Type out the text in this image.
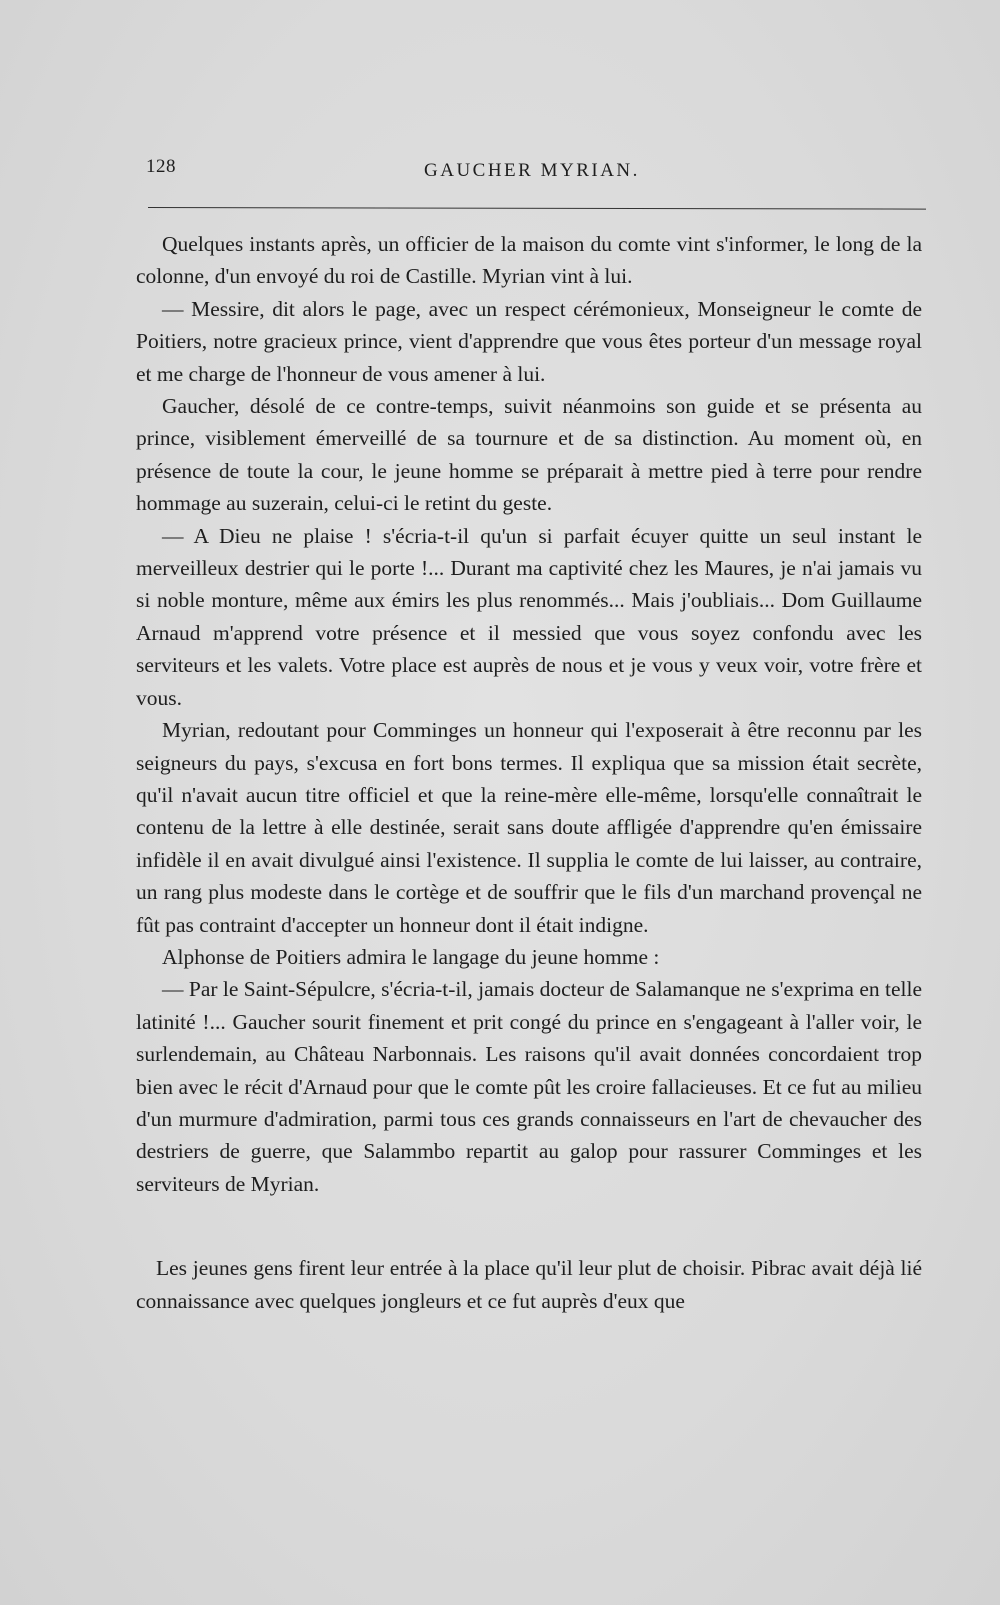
128	GAUCHER MYRIAN.

Quelques instants après, un officier de la maison du comte vint s'informer, le long de la colonne, d'un envoyé du roi de Castille. Myrian vint à lui.

— Messire, dit alors le page, avec un respect cérémonieux, Monseigneur le comte de Poitiers, notre gracieux prince, vient d'apprendre que vous êtes porteur d'un message royal et me charge de l'honneur de vous amener à lui.

Gaucher, désolé de ce contre-temps, suivit néanmoins son guide et se présenta au prince, visiblement émerveillé de sa tournure et de sa distinction. Au moment où, en présence de toute la cour, le jeune homme se préparait à mettre pied à terre pour rendre hommage au suzerain, celui-ci le retint du geste.

— A Dieu ne plaise ! s'écria-t-il qu'un si parfait écuyer quitte un seul instant le merveilleux destrier qui le porte !... Durant ma captivité chez les Maures, je n'ai jamais vu si noble monture, même aux émirs les plus renommés... Mais j'oubliais... Dom Guillaume Arnaud m'apprend votre présence et il messied que vous soyez confondu avec les serviteurs et les valets. Votre place est auprès de nous et je vous y veux voir, votre frère et vous.

Myrian, redoutant pour Comminges un honneur qui l'exposerait à être reconnu par les seigneurs du pays, s'excusa en fort bons termes. Il expliqua que sa mission était secrète, qu'il n'avait aucun titre officiel et que la reine-mère elle-même, lorsqu'elle connaîtrait le contenu de la lettre à elle destinée, serait sans doute affligée d'apprendre qu'en émissaire infidèle il en avait divulgué ainsi l'existence. Il supplia le comte de lui laisser, au contraire, un rang plus modeste dans le cortège et de souffrir que le fils d'un marchand provençal ne fût pas contraint d'accepter un honneur dont il était indigne.

Alphonse de Poitiers admira le langage du jeune homme :

— Par le Saint-Sépulcre, s'écria-t-il, jamais docteur de Salamanque ne s'exprima en telle latinité !... Gaucher sourit finement et prit congé du prince en s'engageant à l'aller voir, le surlendemain, au Château Narbonnais. Les raisons qu'il avait données concordaient trop bien avec le récit d'Arnaud pour que le comte pût les croire fallacieuses. Et ce fut au milieu d'un murmure d'admiration, parmi tous ces grands connaisseurs en l'art de chevaucher des destriers de guerre, que Salammbo repartit au galop pour rassurer Comminges et les serviteurs de Myrian.

Les jeunes gens firent leur entrée à la place qu'il leur plut de choisir. Pibrac avait déjà lié connaissance avec quelques jongleurs et ce fut auprès d'eux que
